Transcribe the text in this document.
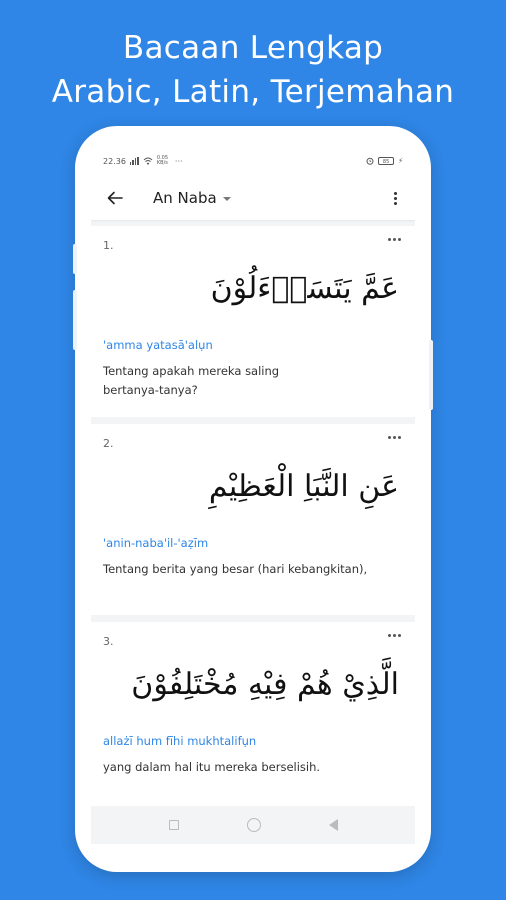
Bacaan Lengkap
Arabic, Latin, Terjemahan
22.36	0.05 KB/s ···	85	⚡
An Naba
1.
عَمَّ يَتَسَاۤءَلُوْنَ
'amma yatasā'alụn
Tentang apakah mereka saling bertanya-tanya?
2.
عَنِ النَّبَاِ الْعَظِيْمِ
'anin-naba'il-'aẓīm
Tentang berita yang besar (hari kebangkitan),
3.
الَّذِيْ هُمْ فِيْهِ مُخْتَلِفُوْنَ
allażī hum fīhi mukhtalifụn
yang dalam hal itu mereka berselisih.
